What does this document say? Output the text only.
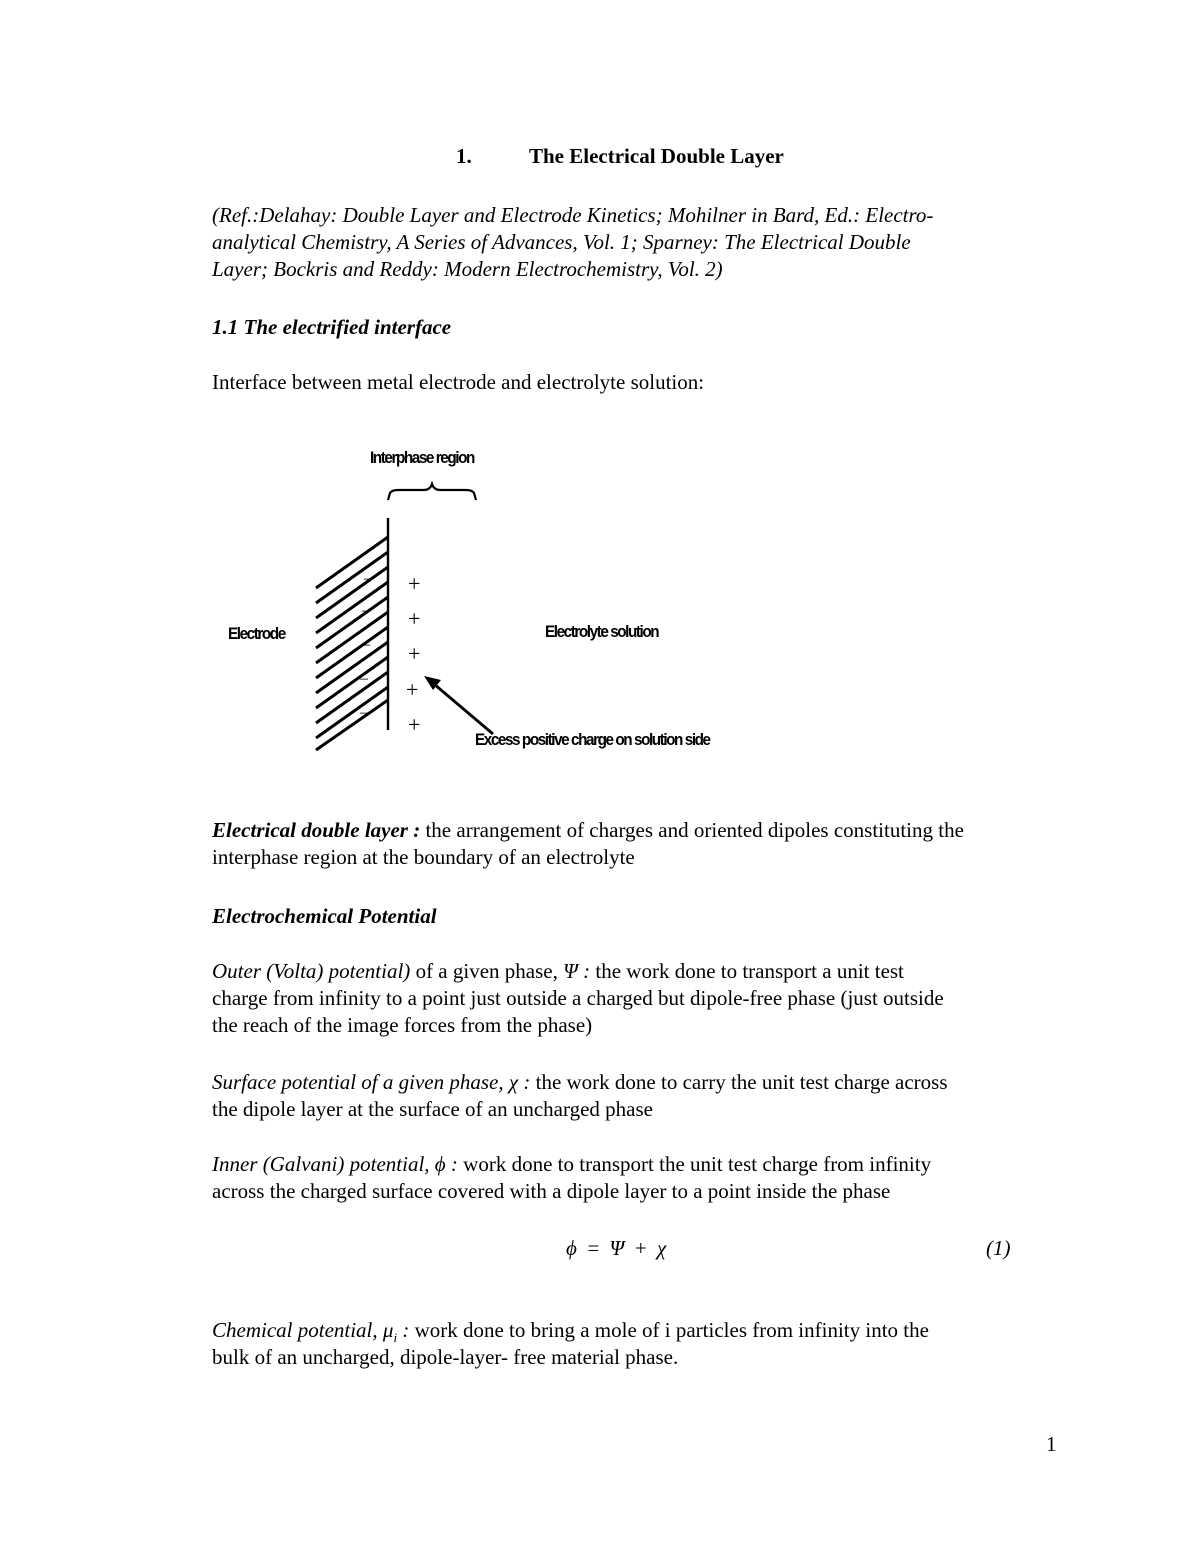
1.	The Electrical Double Layer
(Ref.:Delahay: Double Layer and Electrode Kinetics; Mohilner in Bard, Ed.: Electro-
analytical Chemistry, A Series of Advances, Vol. 1; Sparney: The Electrical Double
Layer; Bockris and Reddy: Modern Electrochemistry, Vol. 2)
1.1 The electrified interface
Interface between metal electrode and electrolyte solution:
Interphase region
Electrode	Electrolyte solution
Excess positive charge on solution side
–
–
–
–
–
+
+
+
+
+
Electrical double layer : the arrangement of charges and oriented dipoles constituting the
interphase region at the boundary of an electrolyte
Electrochemical Potential
Outer (Volta) potential) of a given phase, Ψ : the work done to transport a unit test
charge from infinity to a point just outside a charged but dipole-free phase (just outside
the reach of the image forces from the phase)
Surface potential of a given phase, χ : the work done to carry the unit test charge across
the dipole layer at the surface of an uncharged phase
Inner (Galvani) potential, ϕ : work done to transport the unit test charge from infinity
across the charged surface covered with a dipole layer to a point inside the phase
ϕ = Ψ + χ	(1)
Chemical potential, $\mu_i$ : work done to bring a mole of i particles from infinity into the
bulk of an uncharged, dipole-layer- free material phase.
1
